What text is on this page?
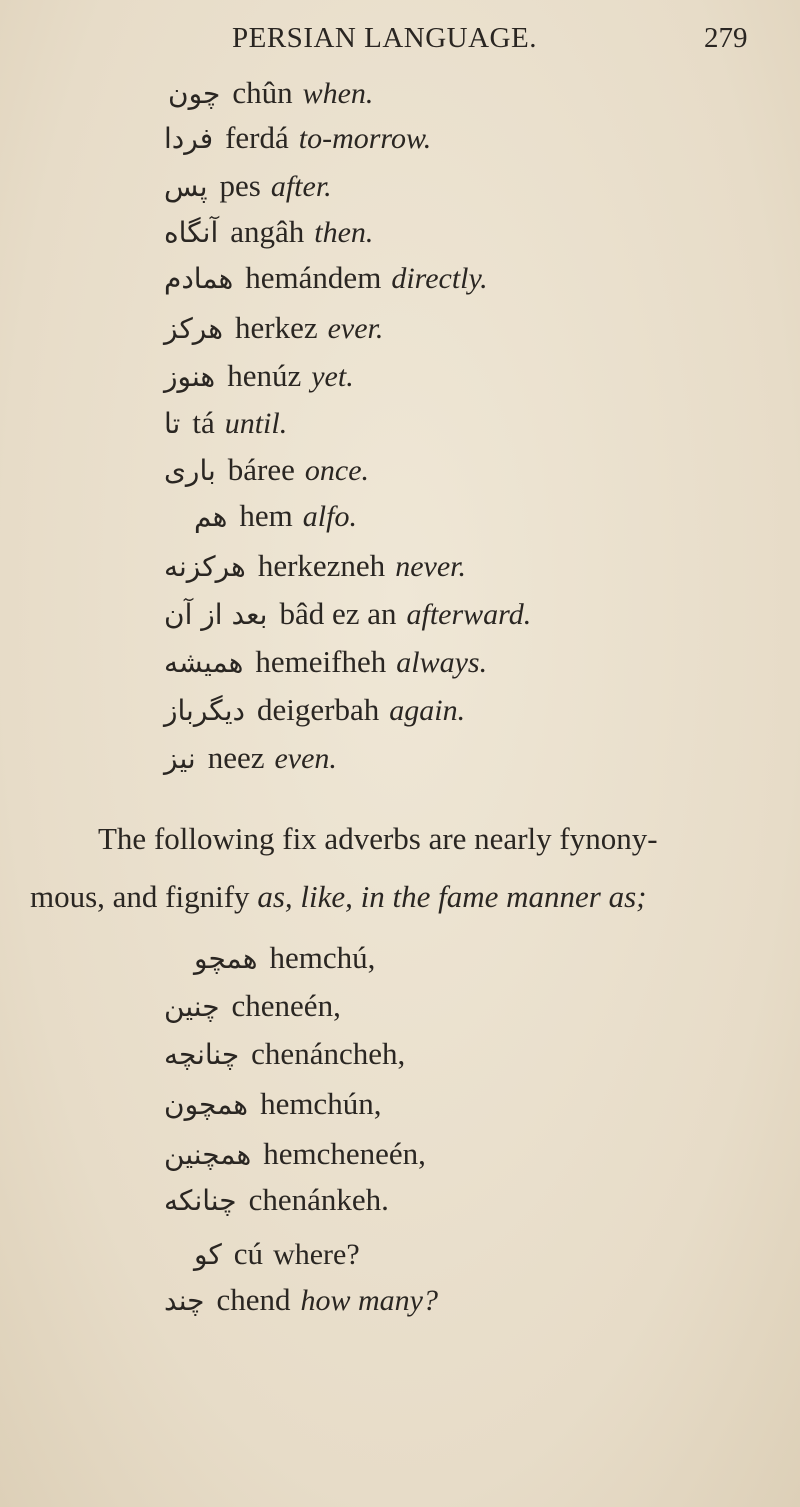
PERSIAN LANGUAGE.	279
چون chûn when.
فردا ferdá to-morrow.
پس pes after.
آنگاه angâh then.
همادم hemándem directly.
هرکز herkez ever.
هنوز henúz yet.
تا tá until.
باری báree once.
هم hem alfo.
هرکزنه herkezneh never.
بعد از آن bâd ez an afterward.
همیشه hemeifheh always.
دیگرباز deigerbah again.
نیز neez even.
The following fix adverbs are nearly fynony-
mous, and fignify as, like, in the fame manner as;
همچو hemchú,
چنین cheneén,
چنانچه chenáncheh,
همچون hemchún,
همچنین hemcheneén,
چنانکه chenánkeh.
کو cú where?
چند chend how many?
